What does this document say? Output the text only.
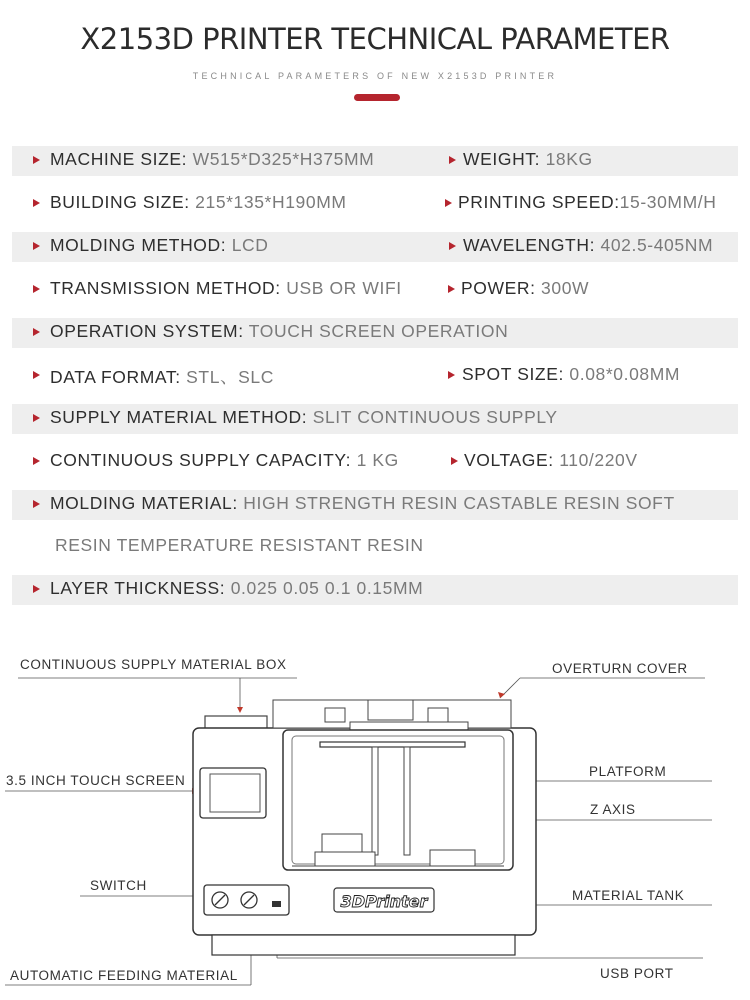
X2153D PRINTER TECHNICAL PARAMETER
TECHNICAL PARAMETERS OF NEW X2153D PRINTER
MACHINE SIZE: W515*D325*H375MM	WEIGHT: 18KG
BUILDING SIZE: 215*135*H190MM	PRINTING SPEED:15-30MM/H
MOLDING METHOD: LCD	WAVELENGTH: 402.5-405NM
TRANSMISSION METHOD: USB OR WIFI	POWER: 300W
OPERATION SYSTEM: TOUCH SCREEN OPERATION
DATA FORMAT: STL、SLC	SPOT SIZE: 0.08*0.08MM
SUPPLY MATERIAL METHOD: SLIT CONTINUOUS SUPPLY
CONTINUOUS SUPPLY CAPACITY: 1 KG	VOLTAGE: 110/220V
MOLDING MATERIAL: HIGH STRENGTH RESIN CASTABLE RESIN SOFT
RESIN TEMPERATURE RESISTANT RESIN
LAYER THICKNESS: 0.025 0.05 0.1 0.15MM
3DPrinter
CONTINUOUS SUPPLY MATERIAL BOX	OVERTURN COVER
3.5 INCH TOUCH SCREEN
PLATFORM
Z AXIS
SWITCH
MATERIAL TANK
AUTOMATIC FEEDING MATERIAL	USB PORT
